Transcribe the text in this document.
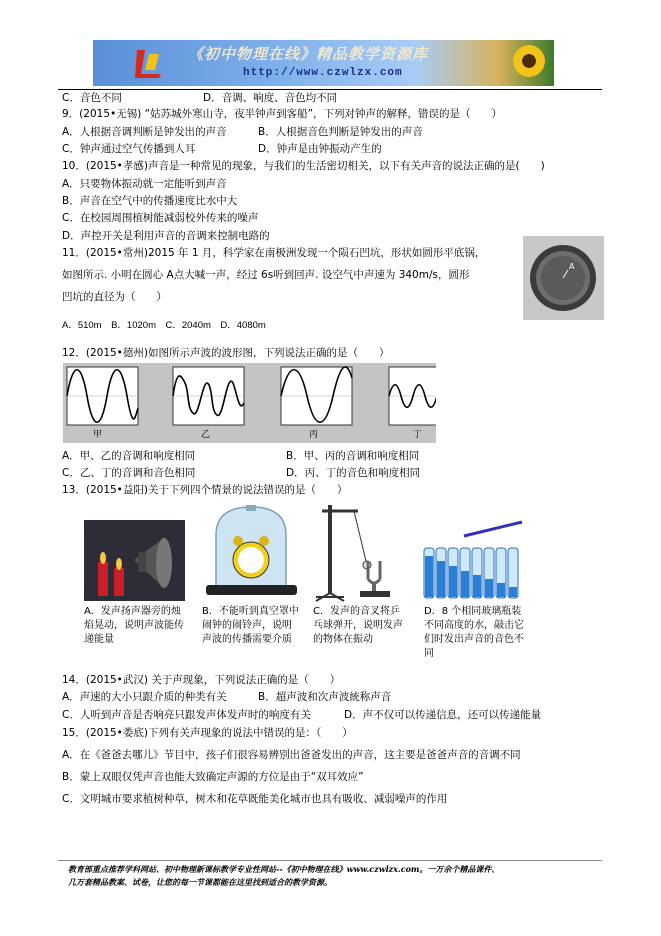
《初中物理在线》精品教学资源库
http://www.czwlzx.com
C．音色不同	D．音调、响度、音色均不同
9．(2015•无锡) “姑苏城外寒山寺，夜半钟声到客船”，下列对钟声的解释，错误的是（　　）
A．人根据音调判断是钟发出的声音	B．人根据音色判断是钟发出的声音
C．钟声通过空气传播到人耳	D．钟声是由钟振动产生的
10．(2015•孝感)声音是一种常见的现象，与我们的生活密切相关，以下有关声音的说法正确的是(　　)
A．只要物体振动就一定能听到声音
B．声音在空气中的传播速度比水中大
C．在校园周围植树能减弱校外传来的噪声
D．声控开关是利用声音的音调来控制电路的
11．(2015•常州)2015 年 1 月，科学家在南极洲发现一个陨石凹坑，形状如圆形平底锅，
如图所示. 小明在圆心 A点大喊一声，经过 6s听到回声. 设空气中声速为 340m/s，圆形
凹坑的直径为（　　）
A．510m　B．1020m　C．2040m　D．4080m
A
12．(2015•德州)如图所示声波的波形图，下列说法正确的是（　　）
甲	乙	丙	丁
A．甲、乙的音调和响度相同	B．甲、丙的音调和响度相同
C．乙、丁的音调和音色相同	D．丙、丁的音色和响度相同
13．(2015•益阳)关于下列四个情景的说法错误的是（　　）
A．发声扬声器旁的烛焰晃动，说明声波能传递能量
B．不能听到真空罩中闹钟的闹铃声，说明声波的传播需要介质
C．发声的音叉将乒乓球弹开，说明发声的物体在振动
D．8 个相同玻璃瓶装不同高度的水，敲击它们时发出声音的音色不同
14．(2015•武汉) 关于声现象，下列说法正确的是（　　）
A．声速的大小只跟介质的种类有关	B．超声波和次声波統称声音
C．人听到声音是否响亮只跟发声体发声时的响度有关	D．声不仅可以传递信息，还可以传递能量
15．(2015•娄底)下列有关声现象的说法中错误的是：（　　）
A．在《爸爸去哪儿》节目中，孩子们很容易辨别出爸爸发出的声音，这主要是爸爸声音的音调不同
B．蒙上双眼仅凭声音也能大致确定声源的方位是由于“双耳效应”
C．文明城市要求植树种草，树木和花草既能美化城市也具有吸收、减弱噪声的作用
教育部重点推荐学科网站、初中物理新课标教学专业性网站--《初中物理在线》www.czwlzx.com。一万余个精品课件、
几万套精品教案、试卷，让您的每一节课都能在这里找到适合的教学资源。
